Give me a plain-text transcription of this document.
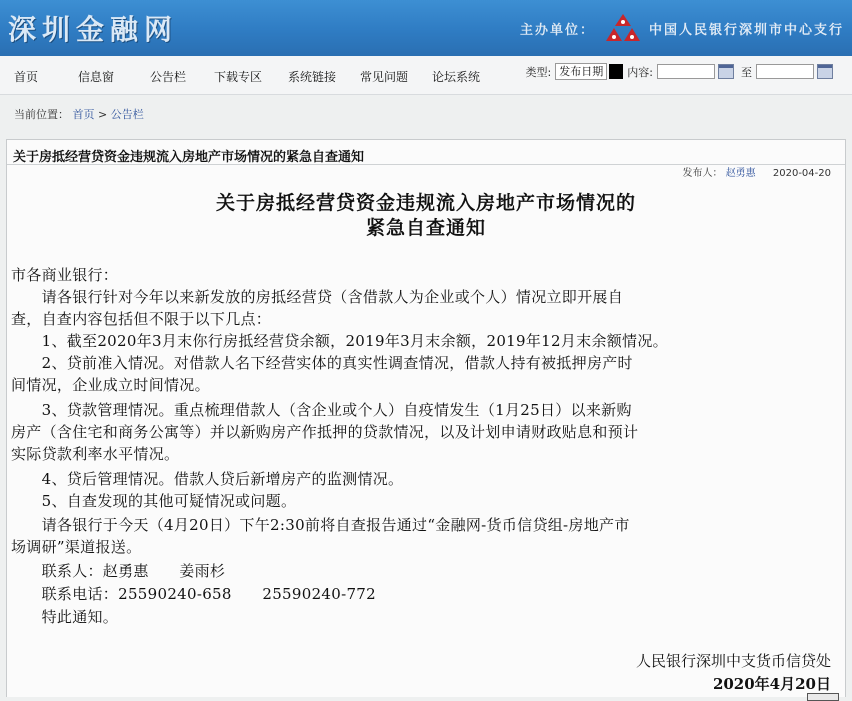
深圳金融网	主办单位：	中国人民银行深圳市中心支行
首页	信息窗	公告栏 下载专区 系统链接 常见问题 论坛系统	类型: 发布日期	内容:	至
当前位置： 首页 > 公告栏
关于房抵经营贷资金违规流入房地产市场情况的紧急自查通知
发布人： 赵勇惠 2020-04-20
关于房抵经营贷资金违规流入房地产市场情况的
紧急自查通知
市各商业银行：
　　请各银行针对今年以来新发放的房抵经营贷（含借款人为企业或个人）情况立即开展自
查，自查内容包括但不限于以下几点：
　　1、截至2020年3月末你行房抵经营贷余额，2019年3月末余额，2019年12月末余额情况。
　　2、贷前准入情况。对借款人名下经营实体的真实性调查情况，借款人持有被抵押房产时
间情况，企业成立时间情况。
　　3、贷款管理情况。重点梳理借款人（含企业或个人）自疫情发生（1月25日）以来新购
房产（含住宅和商务公寓等）并以新购房产作抵押的贷款情况，以及计划申请财政贴息和预计
实际贷款利率水平情况。
　　4、贷后管理情况。借款人贷后新增房产的监测情况。
　　5、自查发现的其他可疑情况或问题。
　　请各银行于今天（4月20日）下午2:30前将自查报告通过“金融网-货币信贷组-房地产市
场调研”渠道报送。
　　联系人：赵勇惠　　姜雨杉
　　联系电话：25590240-658　　25590240-772
　　特此通知。
人民银行深圳中支货币信贷处
2020年4月20日
